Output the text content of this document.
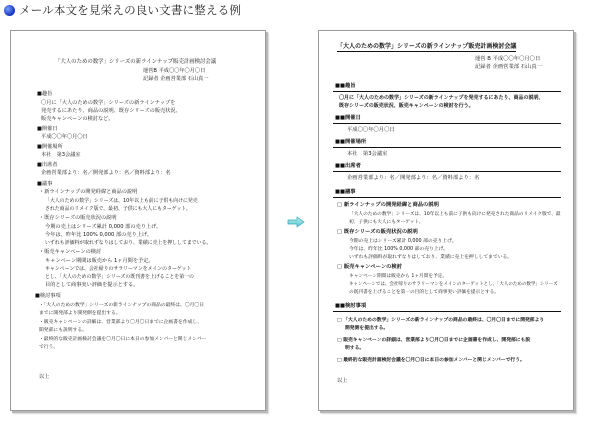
メール本文を見栄えの良い文書に整える例
「大人のための数学」シリーズの新ラインナップ販売計画検討会議
運営B 平成〇〇年〇月〇日
記録者 企画営業部 石山真一
■趣旨
〇月に「大人のための数学」シリーズの新ラインナップを
発売するにあたり、商品の説明、既存シリーズの販売状況、
販売キャンペーンの検討など。
■開催日
平成〇〇年〇月〇日
■開催場所
本社　第3会議室
■出席者
企画営業部より：名／開発部より：名／資料部より：名
■議事
・新ラインナップの開発経緯と商品の説明
「大人のための数学」シリーズは、10年以上も前に子供も向けに発売
された商品のリメイク版で、最初、子供にも大人にもターゲット。
・既存シリーズの販売状況の説明
今期の売上はシリーズ累計 0,000 部の売り上げ。
今年は、昨年比 100% 0,000 部の売り上げ。
いずれも評価料が取れずなりはしており、業績に売上を押ししてまでいる。
・販売キャンペーンの検討
キャンペーン期間は販売から 1ヶ月間を予定。
キャンペーンでは、会社帰りのサラリーマンをメインのターゲット
とし、「大人のための数学」シリーズの既刊書を上げることを第一の
目的として商事実い評価を提示とする。
■検討事項
・「大人のための数学」シリーズの新ラインナップの商品の最終は、〇月〇日
までに開発部より開発側を提出する。
・販売キャンペーンの詳細は、営業部より〇月〇日までに企画書を作成し、
開発部にも説明する。
・最終的な販売計画検討会議を〇月〇日に本日の参加メンバーと関じメンバー
で行う。
以上
「大人のための数学」シリーズの新ラインナップ販売計画検討会議
運営 B 平成〇〇年〇月〇日
記録者 企画営業部 石山真一
■■趣旨
〇月に「大人のための数学」シリーズの新ラインナップを発売するにあたり、商品の説明、
既存シリーズの販売状況、販売キャンペーンの検討を行う。
■■開催日
平成〇〇年〇月〇日
■■開催場所
本社　第3会議室
■■出席者
企画営業部より：名／開発部より：名／資料部より：名
■■議事
□ 新ラインナップの開発経緯と商品の説明
「大人のための数学」シリーズは、10年以上も前に子供も向けに発売された商品のリメイク版で、最
初、子供にも大人にもターゲット。
□ 既存シリーズの販売状況の説明
今期の売上はシリーズ累計 0,000 部の売り上げ。
今年は、昨年比 100% 0,000 部の売り上げ。
いずれも評価料が取れずなりはしており、業績に売上を押ししてまでいる。
□ 販売キャンペーンの検討
キャンペーン期間は販売から 1ヶ月間を予定。
キャンペーンでは、会社帰りのサラリーマンをメインのターゲットとし、「大人のための数学」シリーズ
の既刊書を上げることを第一の目的として商事実い評価を提示とする。
■■検討事項
□ 「大人のための数学」シリーズの新ラインナップの商品の最終は、〇月〇日までに開発部より
開発側を提出する。
□ 販売キャンペーンの詳細は、営業部より〇月〇日までに企画書を作成し、開発部にも説
明する。
□ 最終的な販売計画検討会議を〇月〇日に本日の参加メンバーと関じメンバーで行う。
以上
